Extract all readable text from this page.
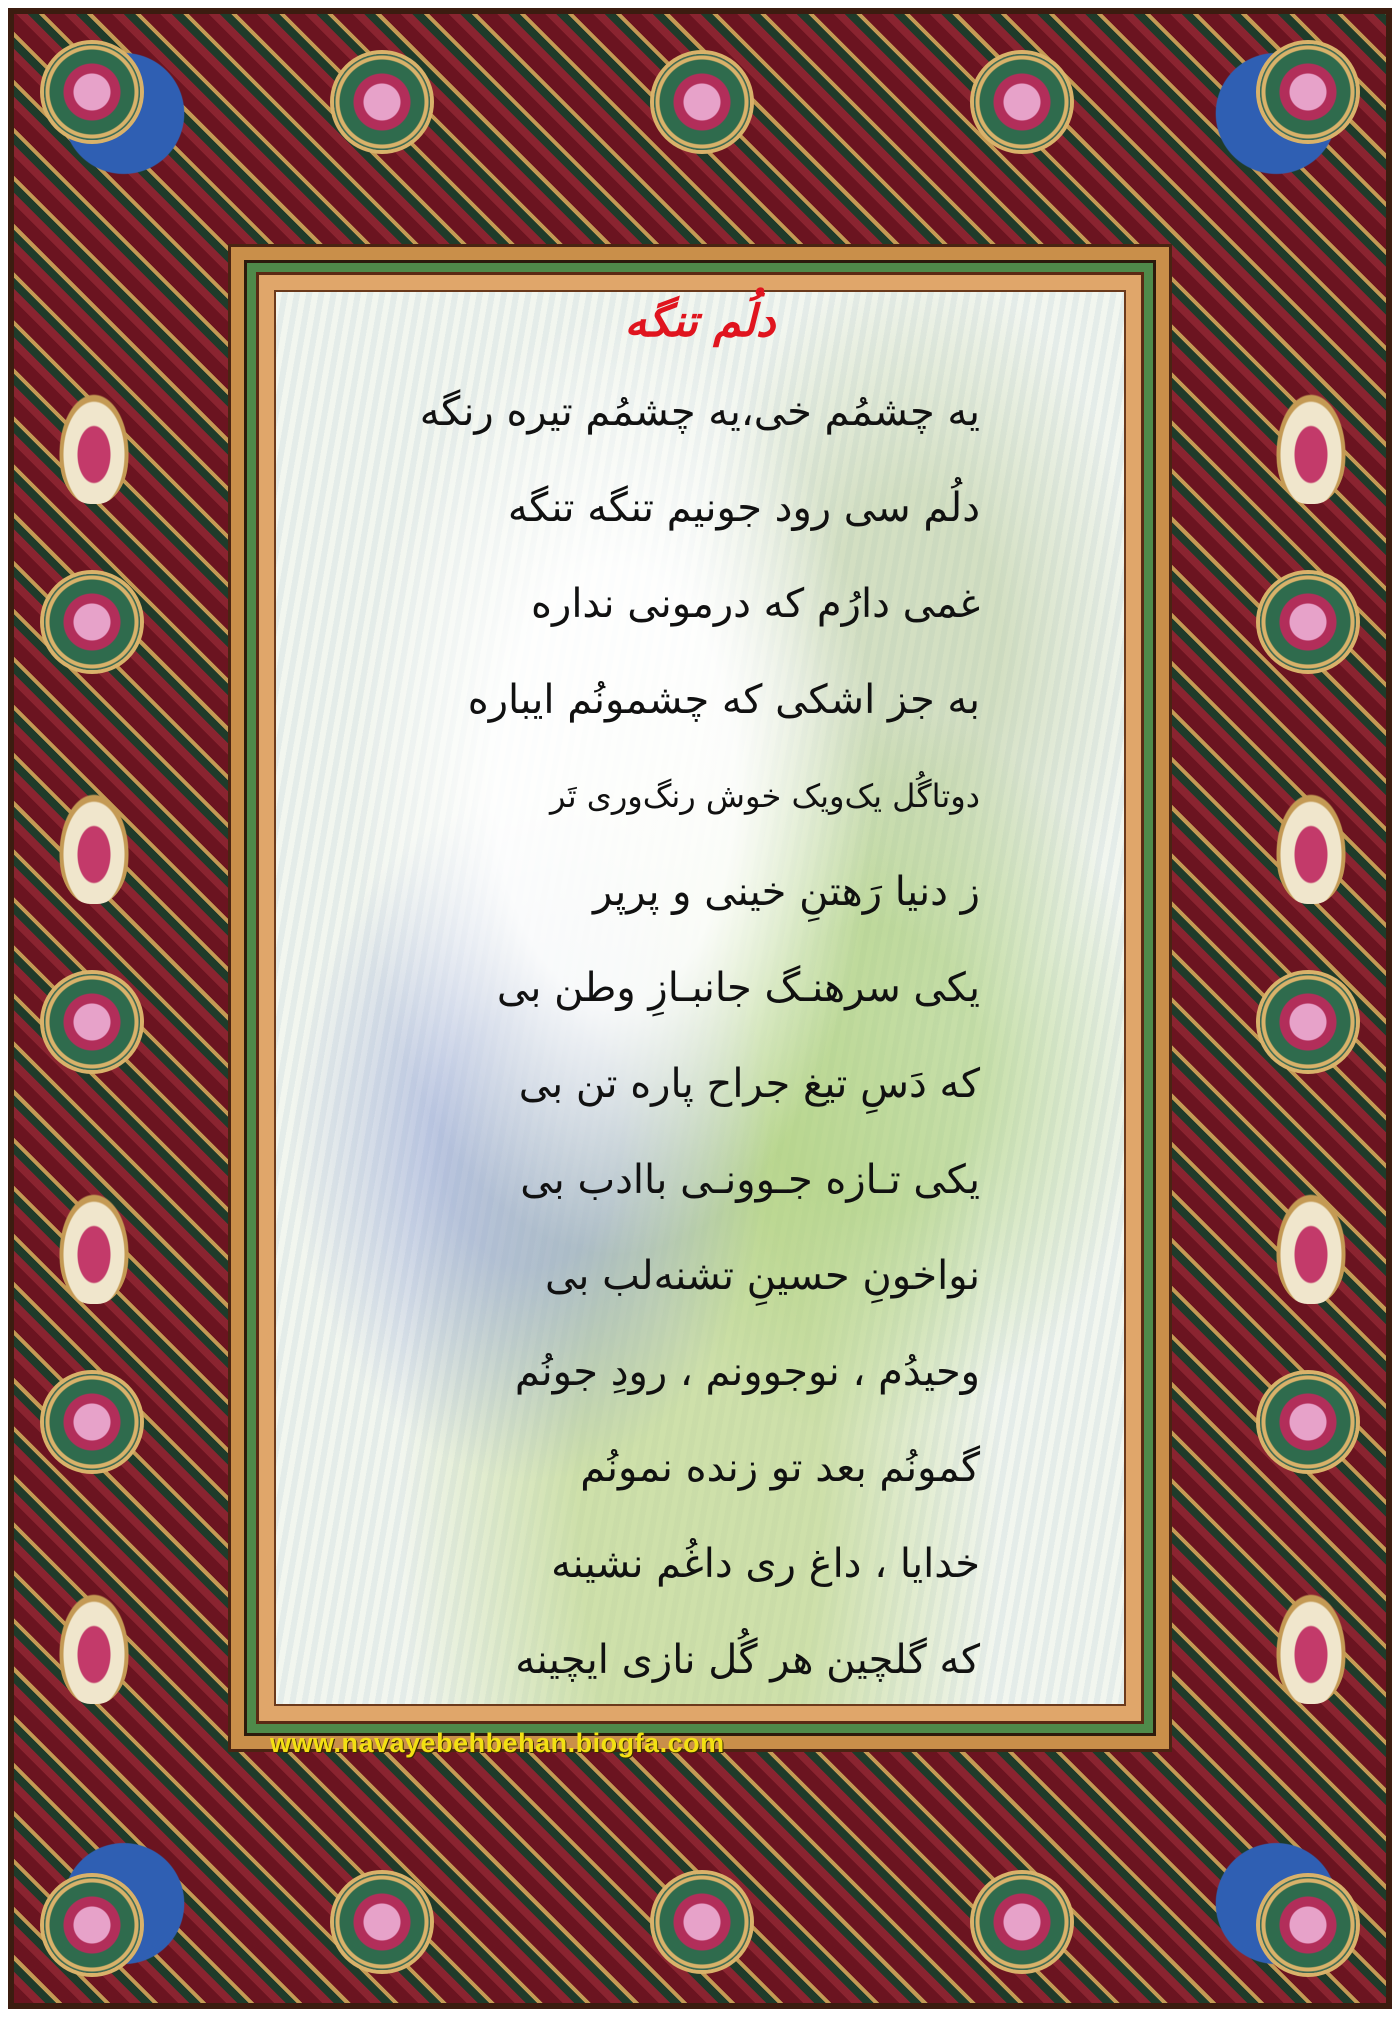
دلُم تنگه
یه چشمُم خی،یه چشمُم تیره رنگه
دلُم سی رود جونیم تنگه تنگه
غمی دارُم که درمونی نداره
به جز اشکی که چشمونُم ایباره
دوتاگُل یک‌ویک خوش رنگ‌وری تَر
ز دنیا رَهتنِ خینی و پرپر
یکی سرهنـگ جانبـازِ وطن بی
که دَسِ تیغ جراح پاره تن بی
یکی تـازه جـوونـی باادب بی
نواخونِ حسینِ تشنه‌لب بی
وحیدُم ، نوجوونم ، رودِ جونُم
گمونُم بعد تو زنده نمونُم
خدایا ، داغ ری داغُم نشینه
که گلچین هر گُل نازی ایچینه

www.navayebehbehan.biogfa.com
